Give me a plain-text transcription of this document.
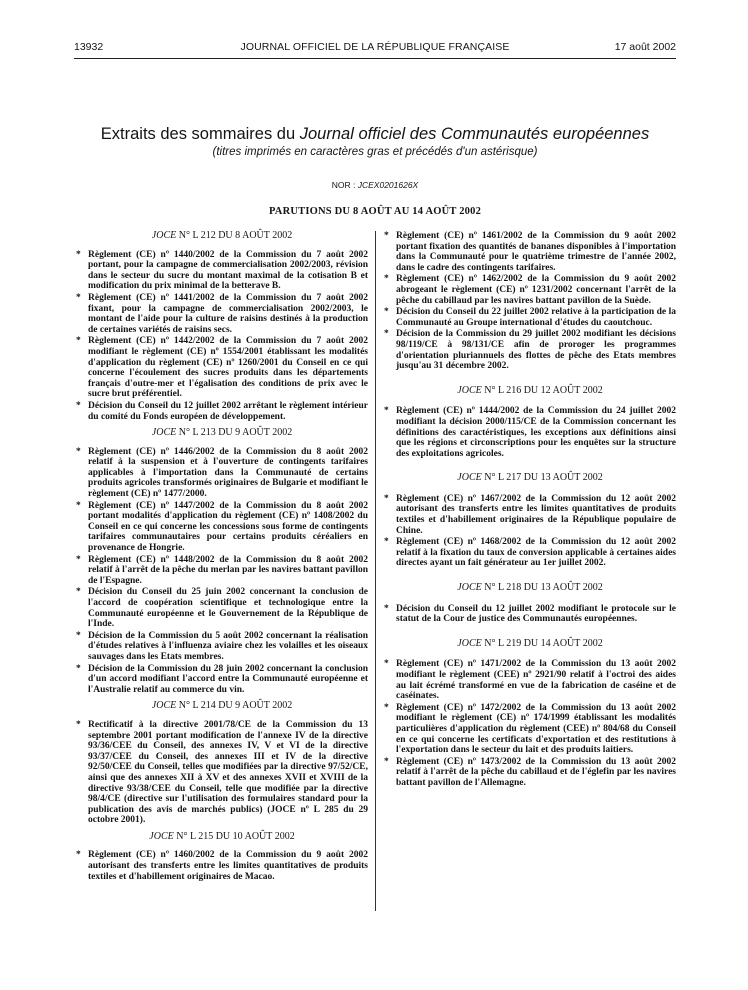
13932	JOURNAL OFFICIEL DE LA RÉPUBLIQUE FRANÇAISE	17 août 2002
Extraits des sommaires du Journal officiel des Communautés européennes
(titres imprimés en caractères gras et précédés d'un astérisque)
NOR : JCEX0201626X
PARUTIONS DU 8 AOÛT AU 14 AOÛT 2002
JOCE N° L 212 DU 8 AOÛT 2002
* Règlement (CE) nº 1440/2002 de la Commission du 7 août 2002 portant, pour la campagne de commercialisation 2002/2003, révision dans le secteur du sucre du montant maximal de la cotisation B et modification du prix minimal de la betterave B.
* Règlement (CE) nº 1441/2002 de la Commission du 7 août 2002 fixant, pour la campagne de commercialisation 2002/2003, le montant de l'aide pour la culture de raisins destinés à la production de certaines variétés de raisins secs.
* Règlement (CE) nº 1442/2002 de la Commission du 7 août 2002 modifiant le règlement (CE) nº 1554/2001 établissant les modalités d'application du règlement (CE) nº 1260/2001 du Conseil en ce qui concerne l'écoulement des sucres produits dans les départements français d'outre-mer et l'égalisation des conditions de prix avec le sucre brut préférentiel.
* Décision du Conseil du 12 juillet 2002 arrêtant le règlement intérieur du comité du Fonds européen de développement.
JOCE N° L 213 DU 9 AOÛT 2002
* Règlement (CE) nº 1446/2002 de la Commission du 8 août 2002 relatif à la suspension et à l'ouverture de contingents tarifaires applicables à l'importation dans la Communauté de certains produits agricoles transformés originaires de Bulgarie et modifiant le règlement (CE) nº 1477/2000.
* Règlement (CE) nº 1447/2002 de la Commission du 8 août 2002 portant modalités d'application du règlement (CE) nº 1408/2002 du Conseil en ce qui concerne les concessions sous forme de contingents tarifaires communautaires pour certains produits céréaliers en provenance de Hongrie.
* Règlement (CE) nº 1448/2002 de la Commission du 8 août 2002 relatif à l'arrêt de la pêche du merlan par les navires battant pavillon de l'Espagne.
* Décision du Conseil du 25 juin 2002 concernant la conclusion de l'accord de coopération scientifique et technologique entre la Communauté européenne et le Gouvernement de la République de l'Inde.
* Décision de la Commission du 5 août 2002 concernant la réalisation d'études relatives à l'influenza aviaire chez les volailles et les oiseaux sauvages dans les Etats membres.
* Décision de la Commission du 28 juin 2002 concernant la conclusion d'un accord modifiant l'accord entre la Communauté européenne et l'Australie relatif au commerce du vin.
JOCE N° L 214 DU 9 AOÛT 2002
* Rectificatif à la directive 2001/78/CE de la Commission du 13 septembre 2001 portant modification de l'annexe IV de la directive 93/36/CEE du Conseil, des annexes IV, V et VI de la directive 93/37/CEE du Conseil, des annexes III et IV de la directive 92/50/CEE du Conseil, telles que modifiées par la directive 97/52/CE, ainsi que des annexes XII à XV et des annexes XVII et XVIII de la directive 93/38/CEE du Conseil, telle que modifiée par la directive 98/4/CE (directive sur l'utilisation des formulaires standard pour la publication des avis de marchés publics) (JOCE nº L 285 du 29 octobre 2001).
JOCE N° L 215 DU 10 AOÛT 2002
* Règlement (CE) nº 1460/2002 de la Commission du 9 août 2002 autorisant des transferts entre les limites quantitatives de produits textiles et d'habillement originaires de Macao.
* Règlement (CE) nº 1461/2002 de la Commission du 9 août 2002 portant fixation des quantités de bananes disponibles à l'importation dans la Communauté pour le quatrième trimestre de l'année 2002, dans le cadre des contingents tarifaires.
* Règlement (CE) nº 1462/2002 de la Commission du 9 août 2002 abrogeant le règlement (CE) nº 1231/2002 concernant l'arrêt de la pêche du cabillaud par les navires battant pavillon de la Suède.
* Décision du Conseil du 22 juillet 2002 relative à la participation de la Communauté au Groupe international d'études du caoutchouc.
* Décision de la Commission du 29 juillet 2002 modifiant les décisions 98/119/CE à 98/131/CE afin de proroger les programmes d'orientation pluriannuels des flottes de pêche des Etats membres jusqu'au 31 décembre 2002.
JOCE N° L 216 DU 12 AOÛT 2002
* Règlement (CE) nº 1444/2002 de la Commission du 24 juillet 2002 modifiant la décision 2000/115/CE de la Commission concernant les définitions des caractéristiques, les exceptions aux définitions ainsi que les régions et circonscriptions pour les enquêtes sur la structure des exploitations agricoles.
JOCE N° L 217 DU 13 AOÛT 2002
* Règlement (CE) nº 1467/2002 de la Commission du 12 août 2002 autorisant des transferts entre les limites quantitatives de produits textiles et d'habillement originaires de la République populaire de Chine.
* Règlement (CE) nº 1468/2002 de la Commission du 12 août 2002 relatif à la fixation du taux de conversion applicable à certaines aides directes ayant un fait générateur au 1er juillet 2002.
JOCE N° L 218 DU 13 AOÛT 2002
* Décision du Conseil du 12 juillet 2002 modifiant le protocole sur le statut de la Cour de justice des Communautés européennes.
JOCE N° L 219 DU 14 AOÛT 2002
* Règlement (CE) nº 1471/2002 de la Commission du 13 août 2002 modifiant le règlement (CEE) nº 2921/90 relatif à l'octroi des aides au lait écrémé transformé en vue de la fabrication de caséine et de caséinates.
* Règlement (CE) nº 1472/2002 de la Commission du 13 août 2002 modifiant le règlement (CE) nº 174/1999 établissant les modalités particulières d'application du règlement (CEE) nº 804/68 du Conseil en ce qui concerne les certificats d'exportation et des restitutions à l'exportation dans le secteur du lait et des produits laitiers.
* Règlement (CE) nº 1473/2002 de la Commission du 13 août 2002 relatif à l'arrêt de la pêche du cabillaud et de l'églefin par les navires battant pavillon de l'Allemagne.
